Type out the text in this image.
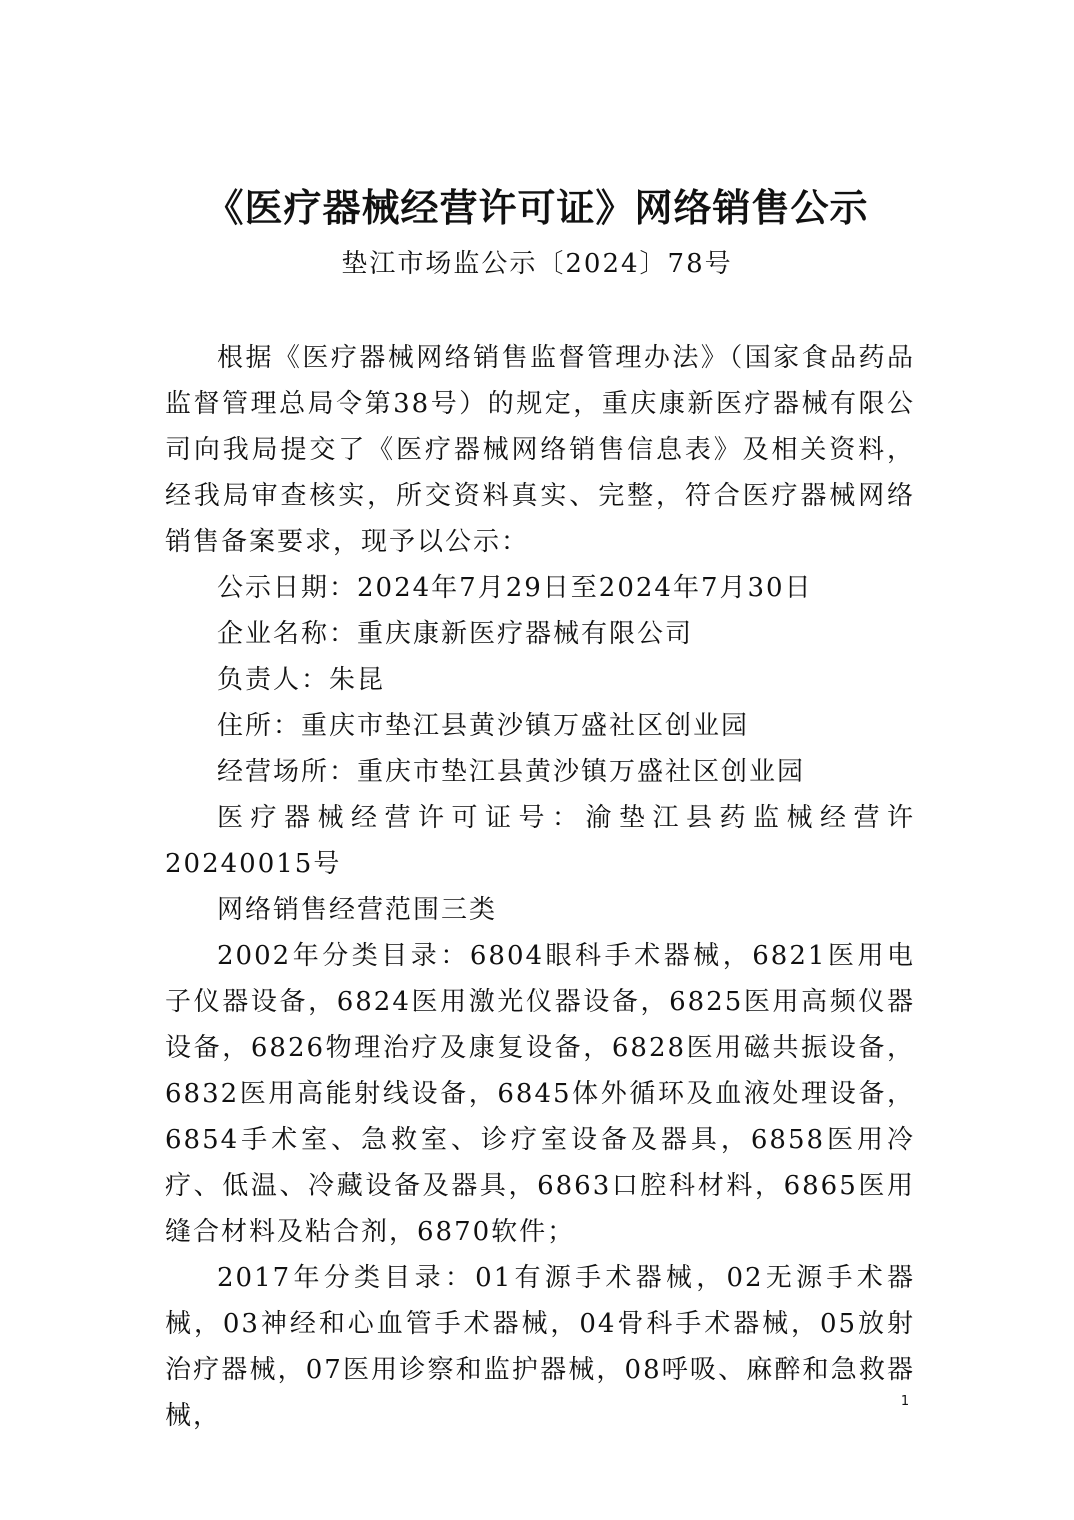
《医疗器械经营许可证》网络销售公示
垫江市场监公示〔2024〕78号

根据《医疗器械网络销售监督管理办法》（国家食品药品监督管理总局令第38号）的规定，重庆康新医疗器械有限公司向我局提交了《医疗器械网络销售信息表》及相关资料，经我局审查核实，所交资料真实、完整，符合医疗器械网络销售备案要求，现予以公示：

公示日期：2024年7月29日至2024年7月30日

企业名称：重庆康新医疗器械有限公司

负责人：朱昆

住所：重庆市垫江县黄沙镇万盛社区创业园

经营场所：重庆市垫江县黄沙镇万盛社区创业园

医疗器械经营许可证号：渝垫江县药监械经营许20240015号

网络销售经营范围三类

2002年分类目录：6804眼科手术器械，6821医用电子仪器设备，6824医用激光仪器设备，6825医用高频仪器设备，6826物理治疗及康复设备，6828医用磁共振设备，6832医用高能射线设备，6845体外循环及血液处理设备，6854手术室、急救室、诊疗室设备及器具，6858医用冷疗、低温、冷藏设备及器具，6863口腔科材料，6865医用缝合材料及粘合剂，6870软件；

2017年分类目录：01有源手术器械，02无源手术器械，03神经和心血管手术器械，04骨科手术器械，05放射治疗器械，07医用诊察和监护器械，08呼吸、麻醉和急救器械，	1
